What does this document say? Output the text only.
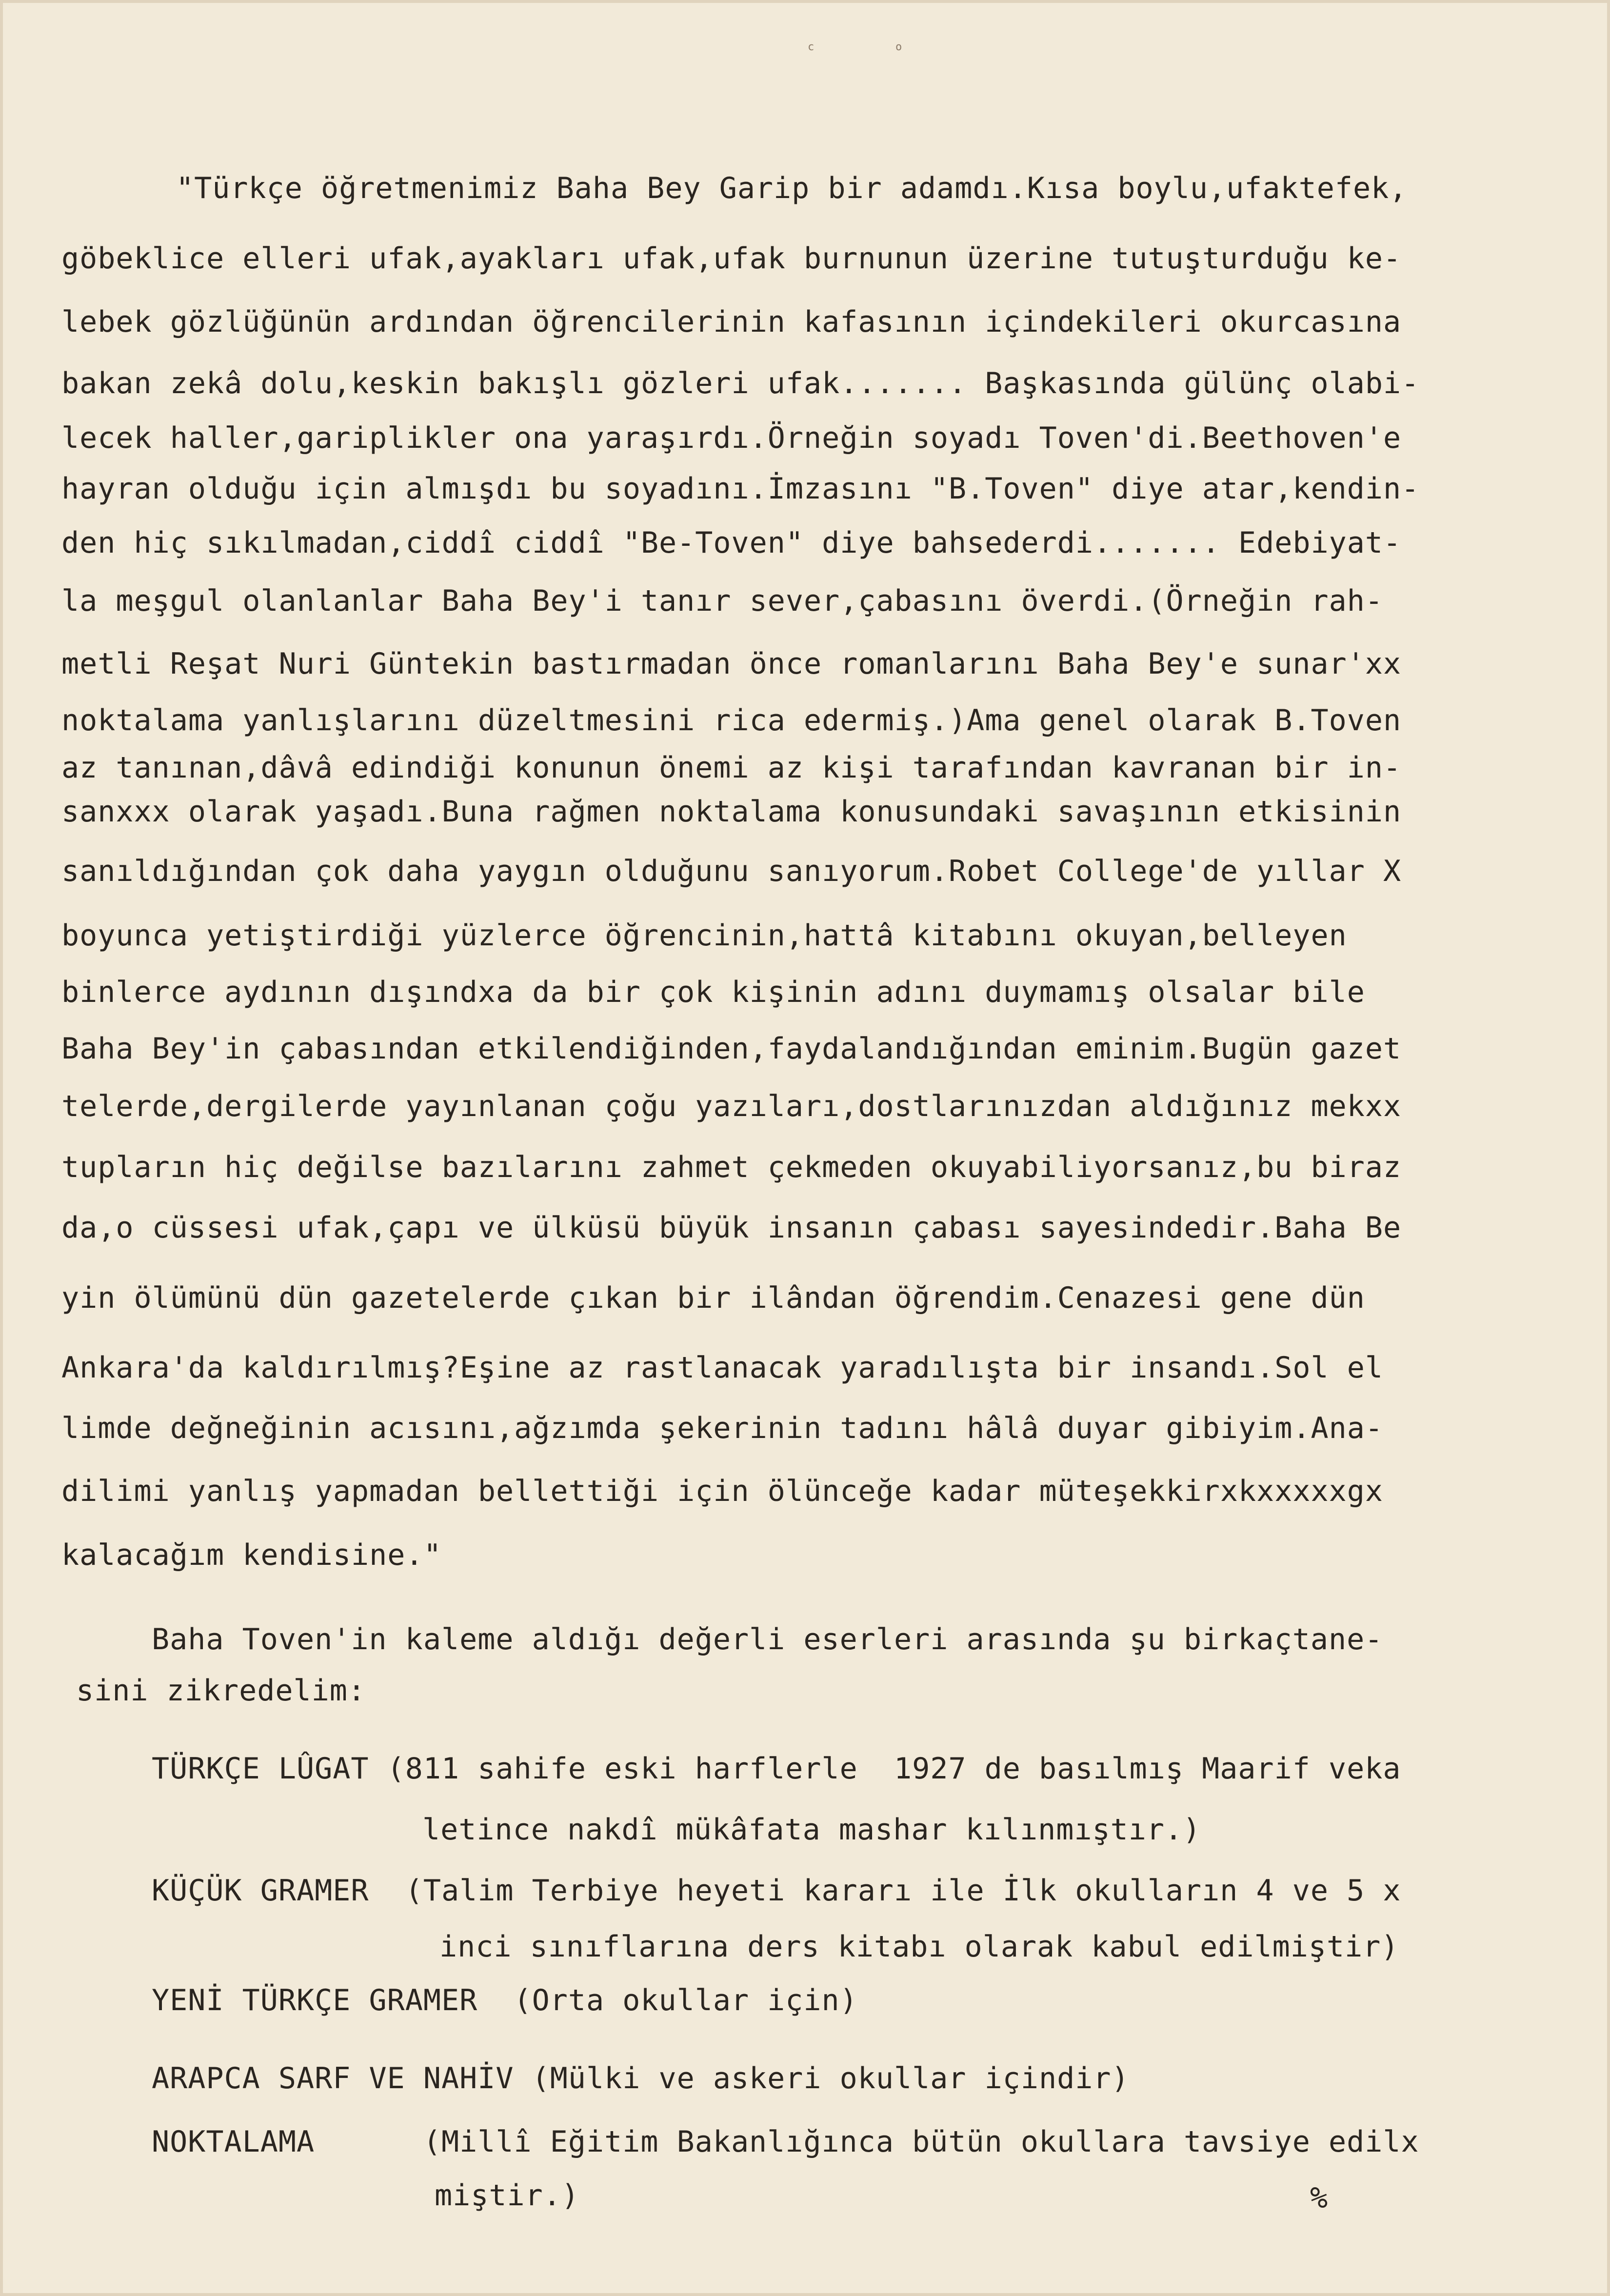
c	o
"Türkçe öğretmenimiz Baha Bey Garip bir adamdı.Kısa boylu,ufaktefek,
göbeklice elleri ufak,ayakları ufak,ufak burnunun üzerine tutuşturduğu ke-
lebek gözlüğünün ardından öğrencilerinin kafasının içindekileri okurcasına
bakan zekâ dolu,keskin bakışlı gözleri ufak....... Başkasında gülünç olabi-
lecek haller,gariplikler ona yaraşırdı.Örneğin soyadı Toven'di.Beethoven'e
hayran olduğu için almışdı bu soyadını.İmzasını "B.Toven" diye atar,kendin-
den hiç sıkılmadan,ciddî ciddî "Be-Toven" diye bahsederdi....... Edebiyat-
la meşgul olanlanlar Baha Bey'i tanır sever,çabasını överdi.(Örneğin rah-
metli Reşat Nuri Güntekin bastırmadan önce romanlarını Baha Bey'e sunar'xx
noktalama yanlışlarını düzeltmesini rica edermiş.)Ama genel olarak B.Toven
az tanınan,dâvâ edindiği konunun önemi az kişi tarafından kavranan bir in-
sanxxx olarak yaşadı.Buna rağmen noktalama konusundaki savaşının etkisinin
sanıldığından çok daha yaygın olduğunu sanıyorum.Robet College'de yıllar X
boyunca yetiştirdiği yüzlerce öğrencinin,hattâ kitabını okuyan,belleyen
binlerce aydının dışındxa da bir çok kişinin adını duymamış olsalar bile
Baha Bey'in çabasından etkilendiğinden,faydalandığından eminim.Bugün gazet
telerde,dergilerde yayınlanan çoğu yazıları,dostlarınızdan aldığınız mekxx
tupların hiç değilse bazılarını zahmet çekmeden okuyabiliyorsanız,bu biraz
da,o cüssesi ufak,çapı ve ülküsü büyük insanın çabası sayesindedir.Baha Be
yin ölümünü dün gazetelerde çıkan bir ilândan öğrendim.Cenazesi gene dün
Ankara'da kaldırılmış?Eşine az rastlanacak yaradılışta bir insandı.Sol el
limde değneğinin acısını,ağzımda şekerinin tadını hâlâ duyar gibiyim.Ana-
dilimi yanlış yapmadan bellettiği için ölünceğe kadar müteşekkirxkxxxxxgx
kalacağım kendisine."
Baha Toven'in kaleme aldığı değerli eserleri arasında şu birkaçtane-
sini zikredelim:
TÜRKÇE LÛGAT (811 sahife eski harflerle  1927 de basılmış Maarif veka
letince nakdî mükâfata mashar kılınmıştır.)
KÜÇÜK GRAMER  (Talim Terbiye heyeti kararı ile İlk okulların 4 ve 5 x
inci sınıflarına ders kitabı olarak kabul edilmiştir)
YENİ TÜRKÇE GRAMER  (Orta okullar için)
ARAPCA SARF VE NAHİV (Mülki ve askeri okullar içindir)
NOKTALAMA      (Millî Eğitim Bakanlığınca bütün okullara tavsiye edilx
miştir.)	%
